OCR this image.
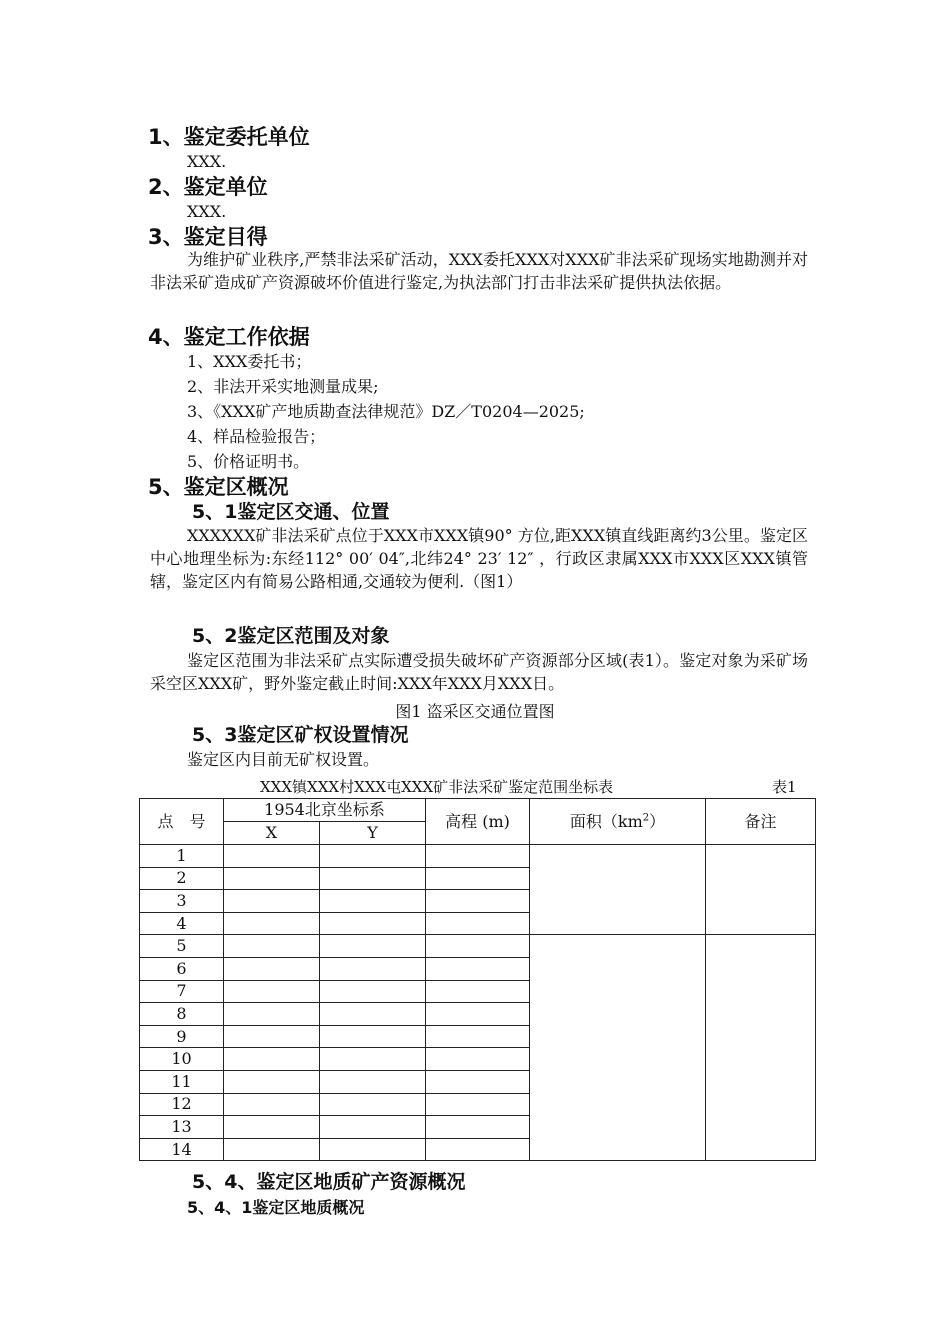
1、鉴定委托单位
XXX.
2、鉴定单位
XXX.
3、鉴定目得

为维护矿业秩序,严禁非法采矿活动，XXX委托XXX对XXX矿非法采矿现场实地勘测并对非法采矿造成矿产资源破坏价值进行鉴定,为执法部门打击非法采矿提供执法依据。

4、鉴定工作依据
1、XXX委托书；
2、非法开采实地测量成果;
3、《XXX矿产地质勘查法律规范》DZ／T0204—2025;
4、样品检验报告；
5、价格证明书。
5、鉴定区概况
5、1鉴定区交通、位置

XXXXXX矿非法采矿点位于XXX市XXX镇90° 方位,距XXX镇直线距离约3公里。鉴定区中心地理坐标为:东经112° 00′ 04″,北纬24° 23′ 12″ ，行政区隶属XXX市XXX区XXX镇管辖，鉴定区内有简易公路相通,交通较为便利.（图1）

5、2鉴定区范围及对象

鉴定区范围为非法采矿点实际遭受损失破坏矿产资源部分区域(表1）。鉴定对象为采矿场采空区XXX矿，野外鉴定截止时间:XXX年XXX月XXX日。

图1 盗采区交通位置图
5、3鉴定区矿权设置情况
鉴定区内目前无矿权设置。
XXX镇XXX村XXX屯XXX矿非法采矿鉴定范围坐标表	表1
点　号	1954北京坐标系		高程 (m)	面积$(km^2)$	备注
	X	Y			
1					
2					
3					
4					
5					
6					
7					
8					
9					
10					
11					
12					
13					
14					
5、4、鉴定区地质矿产资源概况
5、4、1鉴定区地质概况
